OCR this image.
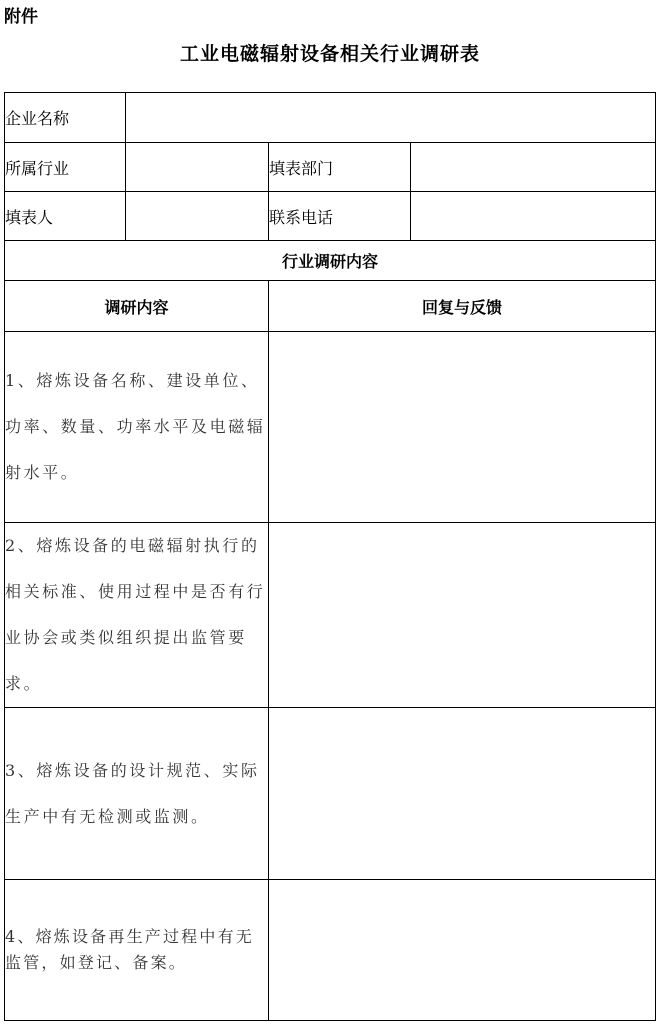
附件
工业电磁辐射设备相关行业调研表
企业名称			
所属行业		填表部门	
填表人		联系电话	
行业调研内容			
调研内容		回复与反馈	
1、熔炼设备名称、建设单位、功率、数量、功率水平及电磁辐射水平。			
2、熔炼设备的电磁辐射执行的相关标准、使用过程中是否有行业协会或类似组织提出监管要求。			
3、熔炼设备的设计规范、实际生产中有无检测或监测。			
4、熔炼设备再生产过程中有无监管，如登记、备案。			
